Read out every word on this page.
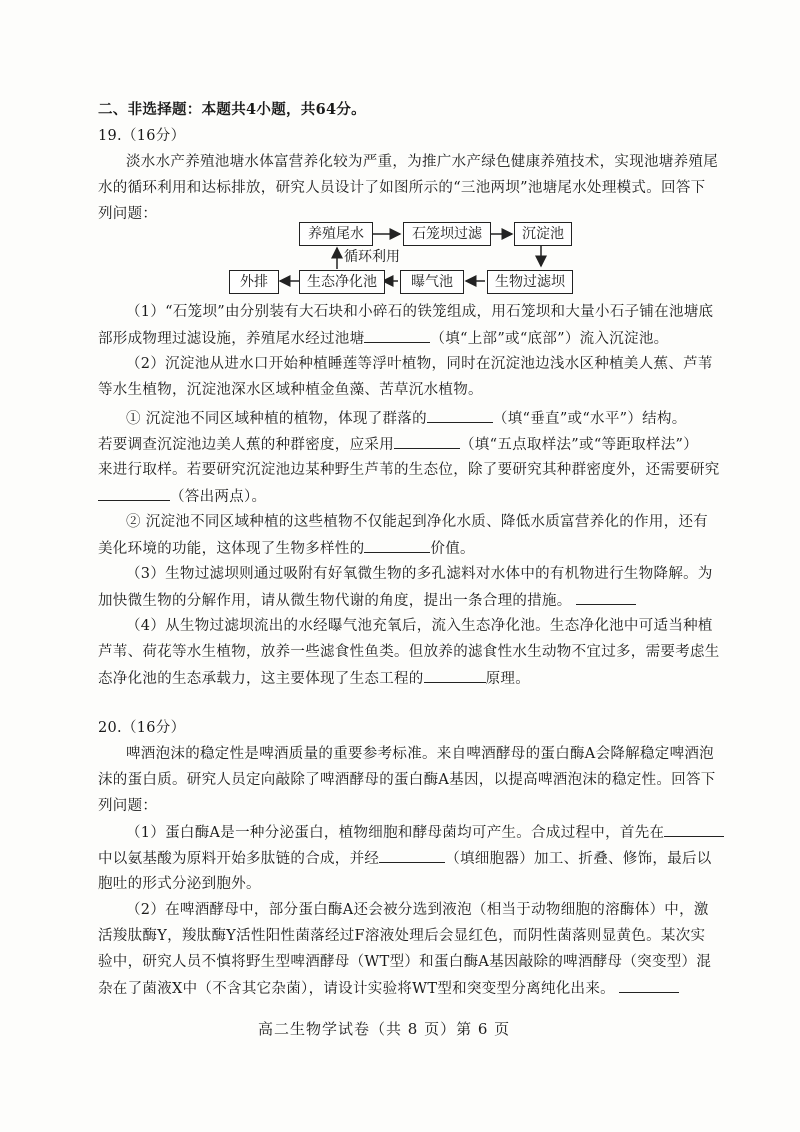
二、非选择题：本题共4小题，共64分。
19.（16分）
淡水水产养殖池塘水体富营养化较为严重，为推广水产绿色健康养殖技术，实现池塘养殖尾
水的循环利用和达标排放，研究人员设计了如图所示的“三池两坝”池塘尾水处理模式。回答下
列问题：
养殖尾水	石笼坝过滤	沉淀池
循环利用
外排	生态净化池	曝气池	生物过滤坝
（1）“石笼坝”由分别装有大石块和小碎石的铁笼组成，用石笼坝和大量小石子铺在池塘底
部形成物理过滤设施，养殖尾水经过池塘	（填“上部”或“底部”）流入沉淀池。
（2）沉淀池从进水口开始种植睡莲等浮叶植物，同时在沉淀池边浅水区种植美人蕉、芦苇
等水生植物，沉淀池深水区域种植金鱼藻、苦草沉水植物。
① 沉淀池不同区域种植的植物，体现了群落的	（填“垂直”或“水平”）结构。
若要调查沉淀池边美人蕉的种群密度，应采用	（填“五点取样法”或“等距取样法”）
来进行取样。若要研究沉淀池边某种野生芦苇的生态位，除了要研究其种群密度外，还需要研究
（答出两点）。
② 沉淀池不同区域种植的这些植物不仅能起到净化水质、降低水质富营养化的作用，还有
美化环境的功能，这体现了生物多样性的	价值。
（3）生物过滤坝则通过吸附有好氧微生物的多孔滤料对水体中的有机物进行生物降解。为
加快微生物的分解作用，请从微生物代谢的角度，提出一条合理的措施。
（4）从生物过滤坝流出的水经曝气池充氧后，流入生态净化池。生态净化池中可适当种植
芦苇、荷花等水生植物，放养一些滤食性鱼类。但放养的滤食性水生动物不宜过多，需要考虑生
态净化池的生态承载力，这主要体现了生态工程的	原理。
20.（16分）
啤酒泡沫的稳定性是啤酒质量的重要参考标准。来自啤酒酵母的蛋白酶A会降解稳定啤酒泡
沫的蛋白质。研究人员定向敲除了啤酒酵母的蛋白酶A基因，以提高啤酒泡沫的稳定性。回答下
列问题：
（1）蛋白酶A是一种分泌蛋白，植物细胞和酵母菌均可产生。合成过程中，首先在
中以氨基酸为原料开始多肽链的合成，并经	（填细胞器）加工、折叠、修饰，最后以
胞吐的形式分泌到胞外。
（2）在啤酒酵母中，部分蛋白酶A还会被分选到液泡（相当于动物细胞的溶酶体）中，激
活羧肽酶Y，羧肽酶Y活性阳性菌落经过F溶液处理后会显红色，而阴性菌落则显黄色。某次实
验中，研究人员不慎将野生型啤酒酵母（WT型）和蛋白酶A基因敲除的啤酒酵母（突变型）混
杂在了菌液X中（不含其它杂菌），请设计实验将WT型和突变型分离纯化出来。
高二生物学试卷（共 8 页）第 6 页
